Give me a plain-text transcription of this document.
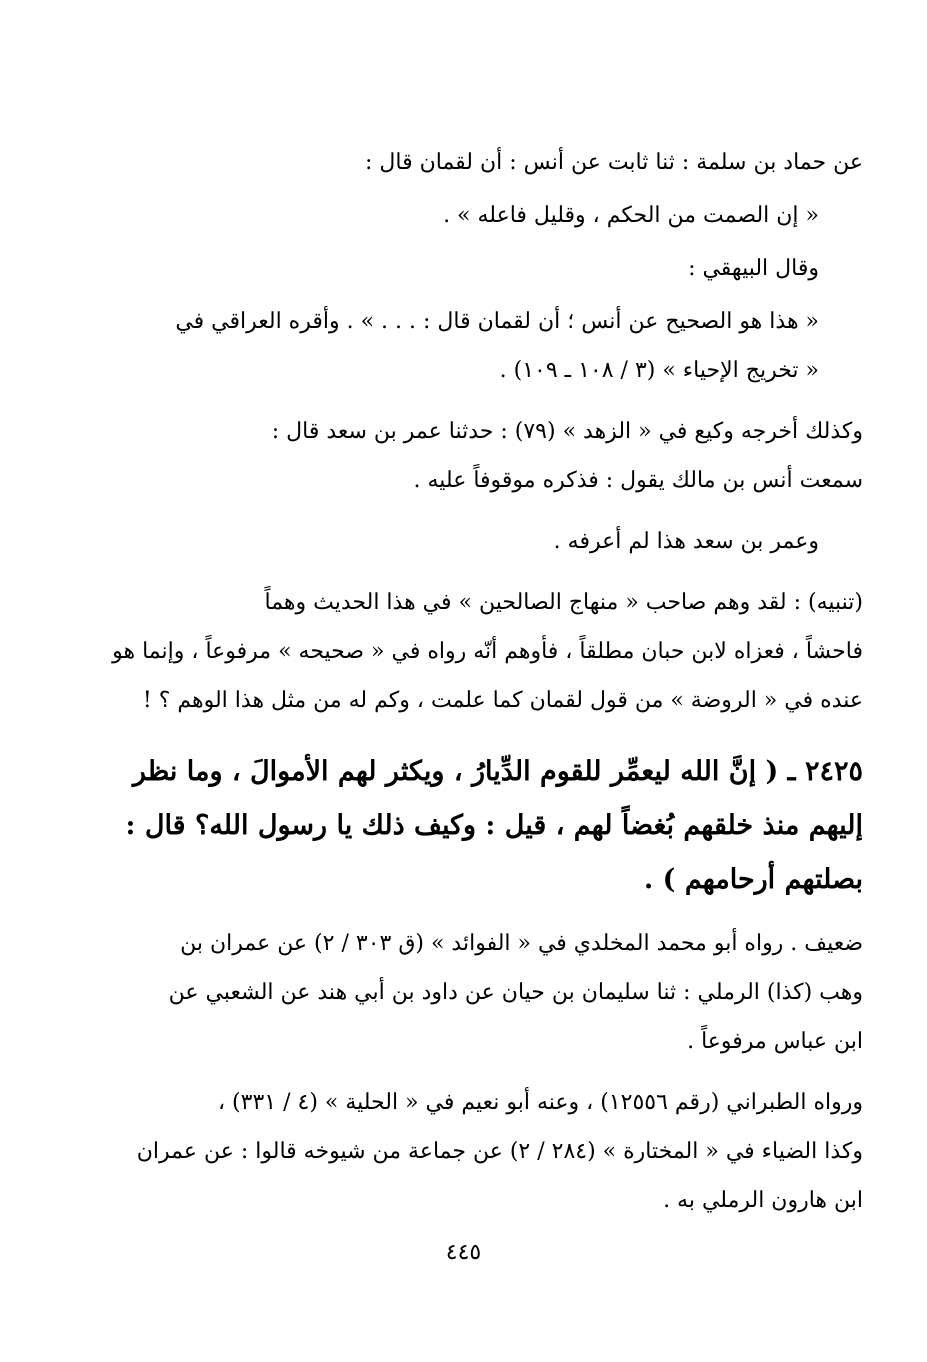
عن حماد بن سلمة : ثنا ثابت عن أنس : أن لقمان قال :

« إن الصمت من الحكم ، وقليل فاعله » .

وقال البيهقي :

« هذا هو الصحيح عن أنس ؛ أن لقمان قال : . . . » . وأقره العراقي في
« تخريج الإحياء » (٣ / ١٠٨ ـ ١٠٩) .

وكذلك أخرجه وكيع في « الزهد » (٧٩) : حدثنا عمر بن سعد قال :
سمعت أنس بن مالك يقول : فذكره موقوفاً عليه .

وعمر بن سعد هذا لم أعرفه .

(تنبيه) : لقد وهم صاحب « منهاج الصالحين » في هذا الحديث وهماً
فاحشاً ، فعزاه لابن حبان مطلقاً ، فأوهم أنّه رواه في « صحيحه » مرفوعاً ، وإنما هو
عنده في « الروضة » من قول لقمان كما علمت ، وكم له من مثل هذا الوهم ؟ !

٢٤٢٥ ـ ( إنَّ الله ليعمِّر للقوم الدِّيارُ ، ويكثر لهم الأموالَ ، وما نظر
إليهم منذ خلقهم بُغضاً لهم ، قيل : وكيف ذلك يا رسول الله؟ قال :
بصلتهم أرحامهم ) .

ضعيف . رواه أبو محمد المخلدي في « الفوائد » (ق ٣٠٣ / ٢) عن عمران بن
وهب (كذا) الرملي : ثنا سليمان بن حيان عن داود بن أبي هند عن الشعبي عن
ابن عباس مرفوعاً .

ورواه الطبراني (رقم ١٢٥٥٦) ، وعنه أبو نعيم في « الحلية » (٤ / ٣٣١) ،
وكذا الضياء في « المختارة » (٢٨٤ / ٢) عن جماعة من شيوخه قالوا : عن عمران
ابن هارون الرملي به .

٤٤٥
